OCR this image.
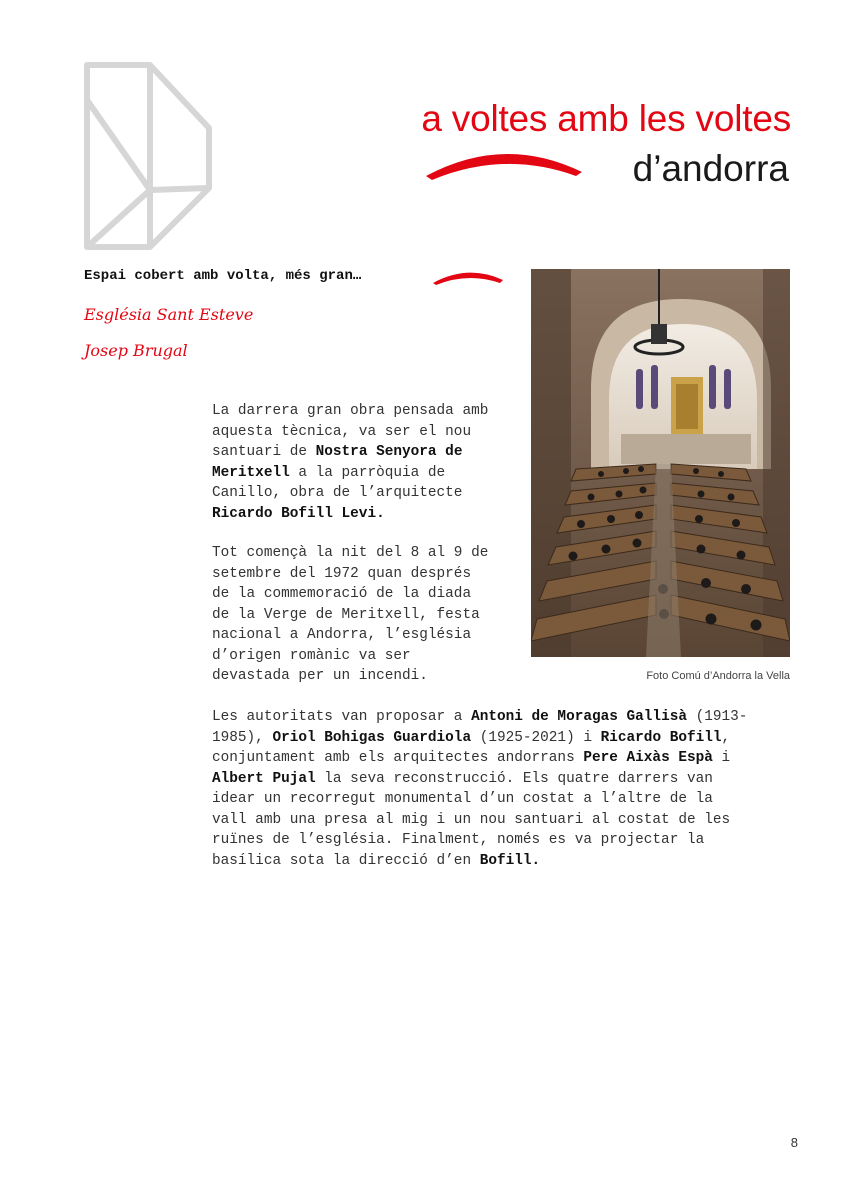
a voltes amb les voltes
d’andorra
Espai cobert amb volta, més gran…

Església Sant Esteve

Josep Brugal

Foto Comú d’Andorra la Vella

La darrera gran obra pensada amb
aquesta tècnica, va ser el nou
santuari de Nostra Senyora de
Meritxell a la parròquia de
Canillo, obra de l’arquitecte
Ricardo Bofill Levi.

Tot començà la nit del 8 al 9 de
setembre del 1972 quan després
de la commemoració de la diada
de la Verge de Meritxell, festa
nacional a Andorra, l’església
d’origen romànic va ser
devastada per un incendi.

Les autoritats van proposar a Antoni de Moragas Gallisà (1913-
1985), Oriol Bohigas Guardiola (1925-2021) i Ricardo Bofill,
conjuntament amb els arquitectes andorrans Pere Aixàs Espà i
Albert Pujal la seva reconstrucció. Els quatre darrers van
idear un recorregut monumental d’un costat a l’altre de la
vall amb una presa al mig i un nou santuari al costat de les
ruïnes de l’església. Finalment, només es va projectar la
basílica sota la direcció d’en Bofill.

8
